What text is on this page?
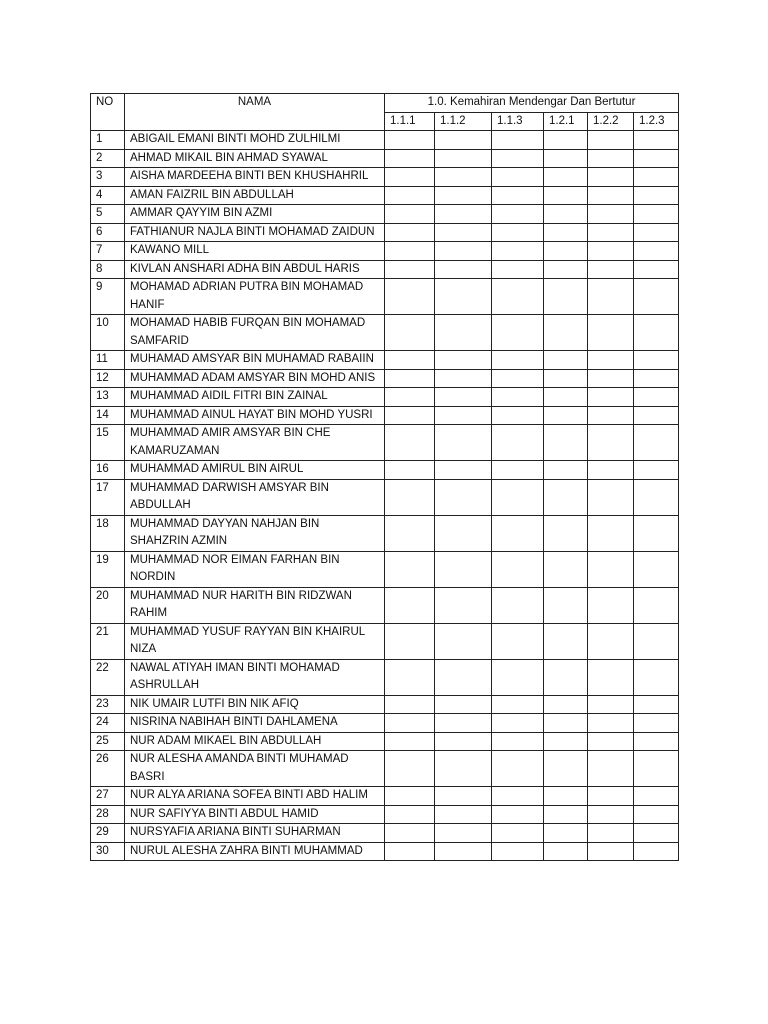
NO	NAMA	1.0. Kemahiran Mendengar Dan Bertutur					
		1.1.1	1.1.2	1.1.3	1.2.1	1.2.2	1.2.3
1	ABIGAIL EMANI BINTI MOHD ZULHILMI						
2	AHMAD MIKAIL BIN AHMAD SYAWAL						
3	AISHA MARDEEHA BINTI BEN KHUSHAHRIL						
4	AMAN FAIZRIL BIN ABDULLAH						
5	AMMAR QAYYIM BIN AZMI						
6	FATHIANUR NAJLA BINTI MOHAMAD ZAIDUN						
7	KAWANO MILL						
8	KIVLAN ANSHARI ADHA BIN ABDUL HARIS						
9	MOHAMAD ADRIAN PUTRA BIN MOHAMAD HANIF						
10	MOHAMAD HABIB FURQAN BIN MOHAMAD SAMFARID						
11	MUHAMAD AMSYAR BIN MUHAMAD RABAIIN						
12	MUHAMMAD ADAM AMSYAR BIN MOHD ANIS						
13	MUHAMMAD AIDIL FITRI BIN ZAINAL						
14	MUHAMMAD AINUL HAYAT BIN MOHD YUSRI						
15	MUHAMMAD AMIR AMSYAR BIN CHE KAMARUZAMAN						
16	MUHAMMAD AMIRUL BIN AIRUL						
17	MUHAMMAD DARWISH AMSYAR BIN ABDULLAH						
18	MUHAMMAD DAYYAN NAHJAN BIN SHAHZRIN AZMIN						
19	MUHAMMAD NOR EIMAN FARHAN BIN NORDIN						
20	MUHAMMAD NUR HARITH BIN RIDZWAN RAHIM						
21	MUHAMMAD YUSUF RAYYAN BIN KHAIRUL NIZA						
22	NAWAL ATIYAH IMAN BINTI MOHAMAD ASHRULLAH						
23	NIK UMAIR LUTFI BIN NIK AFIQ						
24	NISRINA NABIHAH BINTI DAHLAMENA						
25	NUR ADAM MIKAEL BIN ABDULLAH						
26	NUR ALESHA AMANDA BINTI MUHAMAD BASRI						
27	NUR ALYA ARIANA SOFEA BINTI ABD HALIM						
28	NUR SAFIYYA BINTI ABDUL HAMID						
29	NURSYAFIA ARIANA BINTI SUHARMAN						
30	NURUL ALESHA ZAHRA BINTI MUHAMMAD						
